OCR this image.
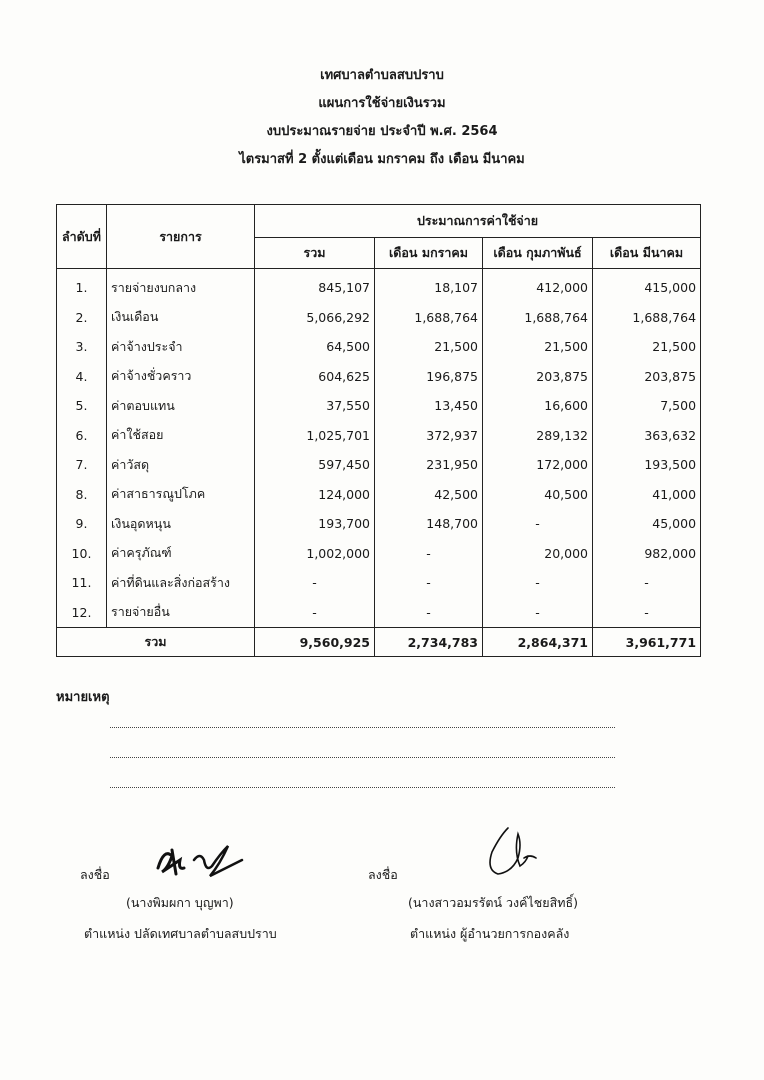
เทศบาลตำบลสบปราบ
แผนการใช้จ่ายเงินรวม
งบประมาณรายจ่าย ประจำปี พ.ศ. 2564
ไตรมาสที่ 2 ตั้งแต่เดือน มกราคม ถึง เดือน มีนาคม
ลำดับที่	รายการ	ประมาณการค่าใช้จ่าย			
		รวม	เดือน มกราคม	เดือน กุมภาพันธ์	เดือน มีนาคม
1.	รายจ่ายงบกลาง	845,107	18,107	412,000	415,000
2.	เงินเดือน	5,066,292	1,688,764	1,688,764	1,688,764
3.	ค่าจ้างประจำ	64,500	21,500	21,500	21,500
4.	ค่าจ้างชั่วคราว	604,625	196,875	203,875	203,875
5.	ค่าตอบแทน	37,550	13,450	16,600	7,500
6.	ค่าใช้สอย	1,025,701	372,937	289,132	363,632
7.	ค่าวัสดุ	597,450	231,950	172,000	193,500
8.	ค่าสาธารณูปโภค	124,000	42,500	40,500	41,000
9.	เงินอุดหนุน	193,700	148,700	-	45,000
10.	ค่าครุภัณฑ์	1,002,000	-	20,000	982,000
11.	ค่าที่ดินและสิ่งก่อสร้าง	-	-	-	-
12.	รายจ่ายอื่น	-	-	-	-
รวม		9,560,925	2,734,783	2,864,371	3,961,771
หมายเหตุ
ลงชื่อ
(นางพิมผกา บุญพา)
ตำแหน่ง ปลัดเทศบาลตำบลสบปราบ
ลงชื่อ
(นางสาวอมรรัตน์ วงค์ไชยสิทธิ์)
ตำแหน่ง ผู้อำนวยการกองคลัง
